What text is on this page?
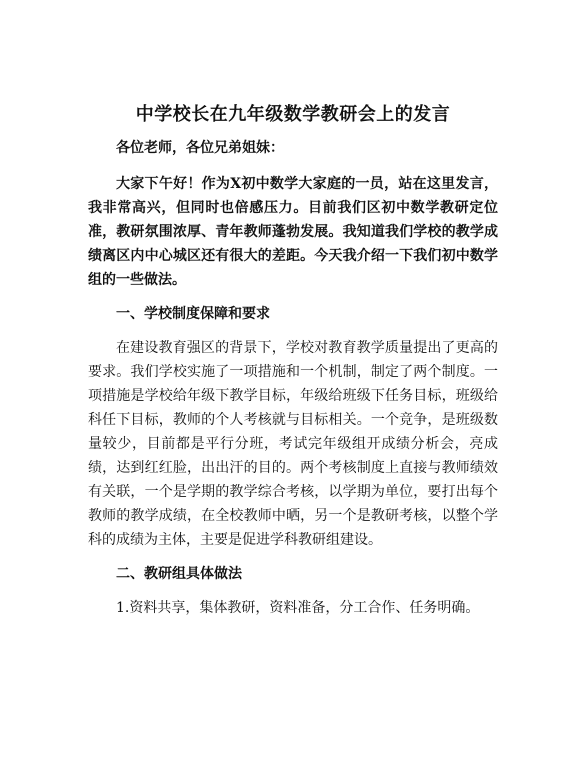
中学校长在九年级数学教研会上的发言

各位老师，各位兄弟姐妹：

大家下午好！作为X初中数学大家庭的一员，站在这里发言，我非常高兴，但同时也倍感压力。目前我们区初中数学教研定位准，教研氛围浓厚、青年教师蓬勃发展。我知道我们学校的教学成绩离区内中心城区还有很大的差距。今天我介绍一下我们初中数学组的一些做法。

一、学校制度保障和要求

在建设教育强区的背景下，学校对教育教学质量提出了更高的要求。我们学校实施了一项措施和一个机制，制定了两个制度。一项措施是学校给年级下教学目标，年级给班级下任务目标，班级给科任下目标，教师的个人考核就与目标相关。一个竞争，是班级数量较少，目前都是平行分班，考试完年级组开成绩分析会，亮成绩，达到红红脸，出出汗的目的。两个考核制度上直接与教师绩效有关联，一个是学期的教学综合考核，以学期为单位，要打出每个教师的教学成绩，在全校教师中晒，另一个是教研考核，以整个学科的成绩为主体，主要是促进学科教研组建设。

二、教研组具体做法

1.资料共享，集体教研，资料准备，分工合作、任务明确。
